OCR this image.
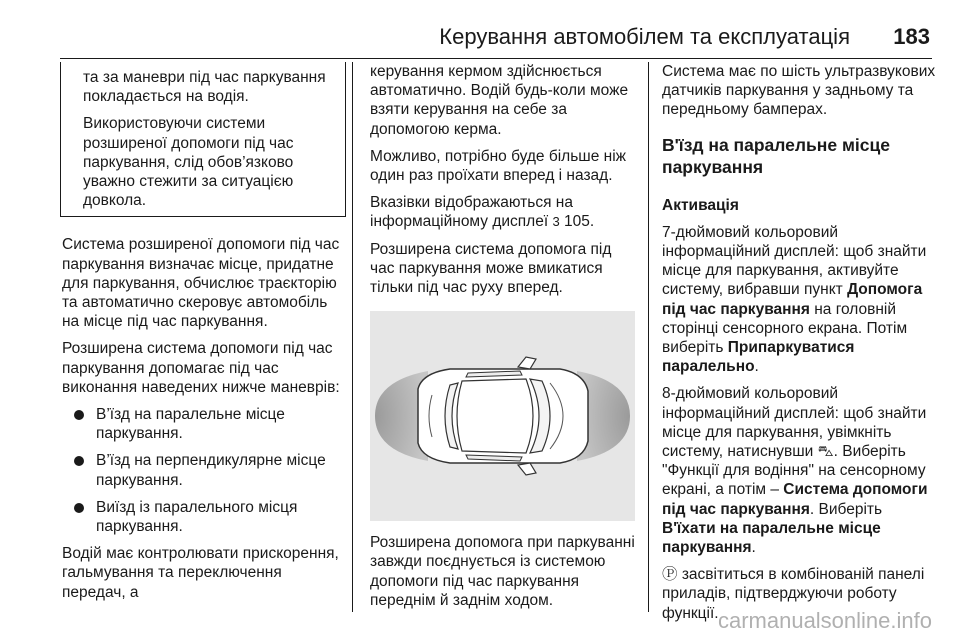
Керування автомобілем та експлуатація 183

та за маневри під час паркування покладається на водія.

Використовуючи системи розширеної допомоги під час паркування, слід обов’язково уважно стежити за ситуацією довкола.

Система розширеної допомоги під час паркування визначає місце, придатне для паркування, обчислює траєкторію та автоматично скеровує автомобіль на місце під час паркування.

Розширена система допомоги під час паркування допомагає під час виконання наведених нижче маневрів:

В’їзд на паралельне місце паркування.
В’їзд на перпендикулярне місце паркування.
Виїзд із паралельного місця паркування.

Водій має контролювати прискорення, гальмування та переключення передач, а

керування кермом здійснюється автоматично. Водій будь-коли може взяти керування на себе за допомогою керма.

Можливо, потрібно буде більше ніж один раз проїхати вперед і назад.

Вказівки відображаються на інформаційному дисплеї 3 105.

Розширена система допомога під час паркування може вмикатися тільки під час руху вперед.

Розширена допомога при паркуванні завжди поєднується із системою допомоги під час паркування переднім й заднім ходом.

Система має по шість ультразвукових датчиків паркування у задньому та передньому бамперах.

В'їзд на паралельне місце паркування

Активація

7-дюймовий кольоровий інформаційний дисплей: щоб знайти місце для паркування, активуйте систему, вибравши пункт Допомога під час паркування на головній сторінці сенсорного екрана. Потім виберіть Припаркуватися паралельно.

8-дюймовий кольоровий інформаційний дисплей: щоб знайти місце для паркування, увімкніть систему, натиснувши ⛍. Виберіть "Функції для водіння" на сенсорному екрані, а потім – Система допомоги під час паркування. Виберіть В'їхати на паралельне місце паркування.

Ⓟ засвітиться в комбінованій панелі приладів, підтверджуючи роботу функції. carmanualsonline.info
